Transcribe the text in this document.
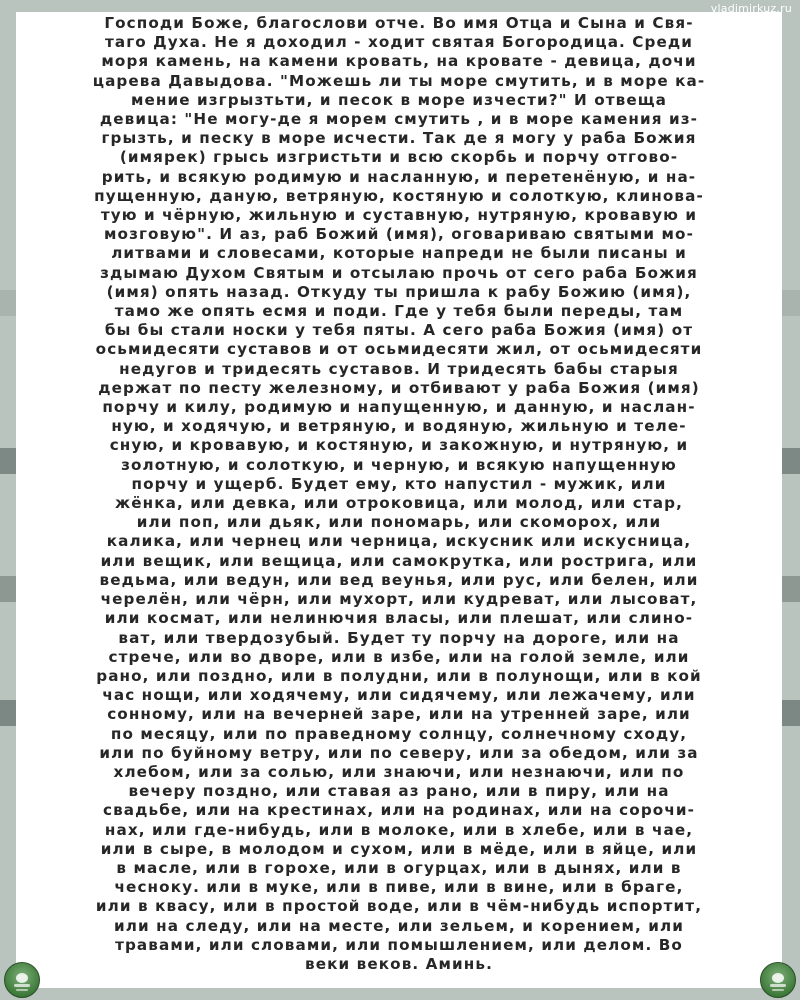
Господи Боже, благослови отче. Во имя Отца и Сына и Свя-
таго Духа. Не я доходил - ходит святая Богородица. Среди
моря камень, на камени кровать, на кровате - девица, дочи
царева Давыдова. "Можешь ли ты море смутить, и в море ка-
мение изгрызтьти, и песок в море изчести?" И отвеща
девица: "Не могу-де я морем смутить , и в море камения из-
грызть, и песку в море исчести. Так де я могу у раба Божия
(имярек) грысь изгристьти и всю скорбь и порчу отгово-
рить, и всякую родимую и насланную, и перетенёную, и на-
пущенную, даную, ветряную, костяную и солоткую, клинова-
тую и чёрную, жильную и суставную, нутряную, кровавую и
мозговую". И аз, раб Божий (имя), оговариваю святыми мо-
литвами и словесами, которые напреди не были писаны и
здымаю Духом Святым и отсылаю прочь от сего раба Божия
(имя) опять назад. Откуду ты пришла к рабу Божию (имя),
тамо же опять есмя и поди. Где у тебя были переды, там
бы бы стали носки у тебя пяты. А сего раба Божия (имя) от
осьмидесяти суставов и от осьмидесяти жил, от осьмидесяти
недугов и тридесять суставов. И тридесять бабы старыя
держат по песту железному, и отбивают у раба Божия (имя)
порчу и килу, родимую и напущенную, и данную, и наслан-
ную, и ходячую, и ветряную, и водяную, жильную и теле-
сную, и кровавую, и костяную, и закожную, и нутряную, и
золотную, и солоткую, и черную, и всякую напущенную
порчу и ущерб. Будет ему, кто напустил - мужик, или
жёнка, или девка, или отроковица, или молод, или стар,
или поп, или дьяк, или пономарь, или скоморох, или
калика, или чернец или черница, искусник или искусница,
или вещик, или вещица, или самокрутка, или рострига, или
ведьма, или ведун, или вед веунья, или рус, или белен, или
черелён, или чёрн, или мухорт, или кудреват, или лысоват,
или космат, или нелинючия власы, или плешат, или слино-
ват, или твердозубый. Будет ту порчу на дороге, или на
стрече, или во дворе, или в избе, или на голой земле, или
рано, или поздно, или в полудни, или в полунощи, или в кой
час нощи, или ходячему, или сидячему, или лежачему, или
сонному, или на вечерней заре, или на утренней заре, или
по месяцу, или по праведному солнцу, солнечному сходу,
или по буйному ветру, или по северу, или за обедом, или за
хлебом, или за солью, или знаючи, или незнаючи, или по
вечеру поздно, или ставая аз рано, или в пиру, или на
свадьбе, или на крестинах, или на родинах, или на сорочи-
нах, или где-нибудь, или в молоке, или в хлебе, или в чае,
или в сыре, в молодом и сухом, или в мёде, или в яйце, или
в масле, или в горохе, или в огурцах, или в дынях, или в
чесноку. или в муке, или в пиве, или в вине, или в браге,
или в квасу, или в простой воде, или в чём-нибудь испортит,
или на следу, или на месте, или зельем, и корением, или
травами, или словами, или помышлением, или делом. Во
веки веков. Аминь.

vladimirkuz.ru
